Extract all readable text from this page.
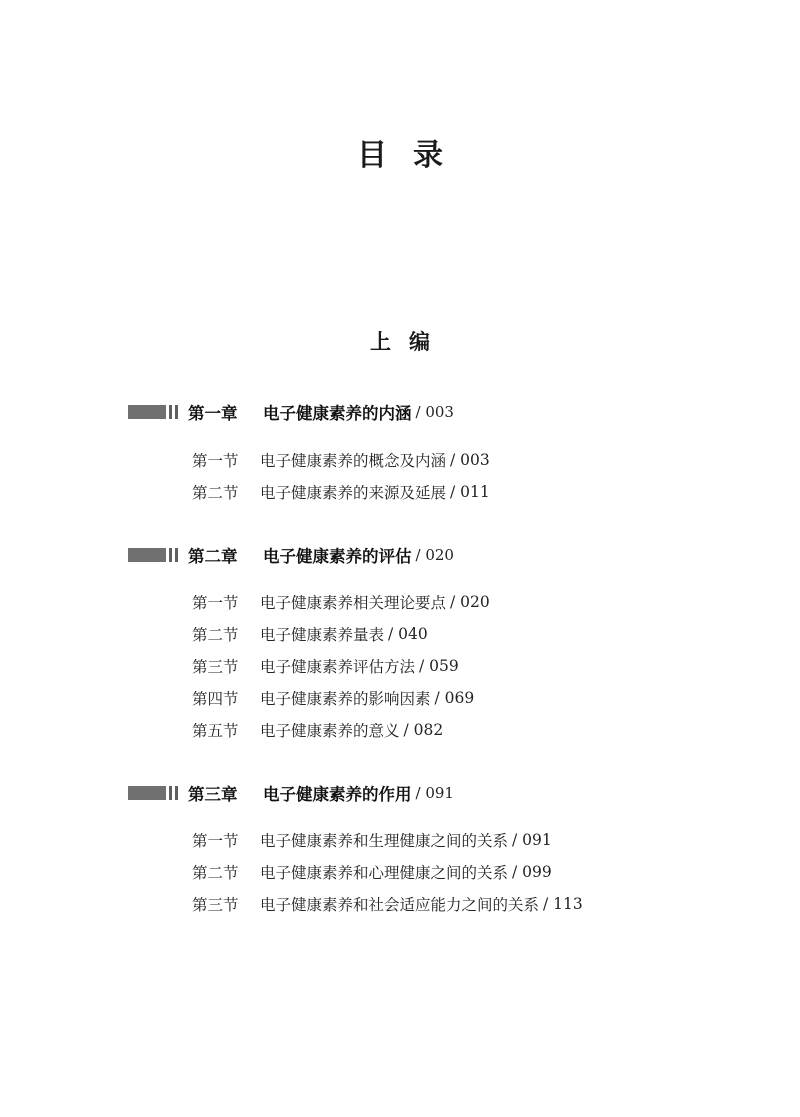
目录
上编
第一章	电子健康素养的内涵 / 003
第一节	电子健康素养的概念及内涵 / 003
第二节	电子健康素养的来源及延展 / 011
第二章	电子健康素养的评估 / 020
第一节	电子健康素养相关理论要点 / 020
第二节	电子健康素养量表 / 040
第三节	电子健康素养评估方法 / 059
第四节	电子健康素养的影响因素 / 069
第五节	电子健康素养的意义 / 082
第三章	电子健康素养的作用 / 091
第一节	电子健康素养和生理健康之间的关系 / 091
第二节	电子健康素养和心理健康之间的关系 / 099
第三节	电子健康素养和社会适应能力之间的关系 / 113
